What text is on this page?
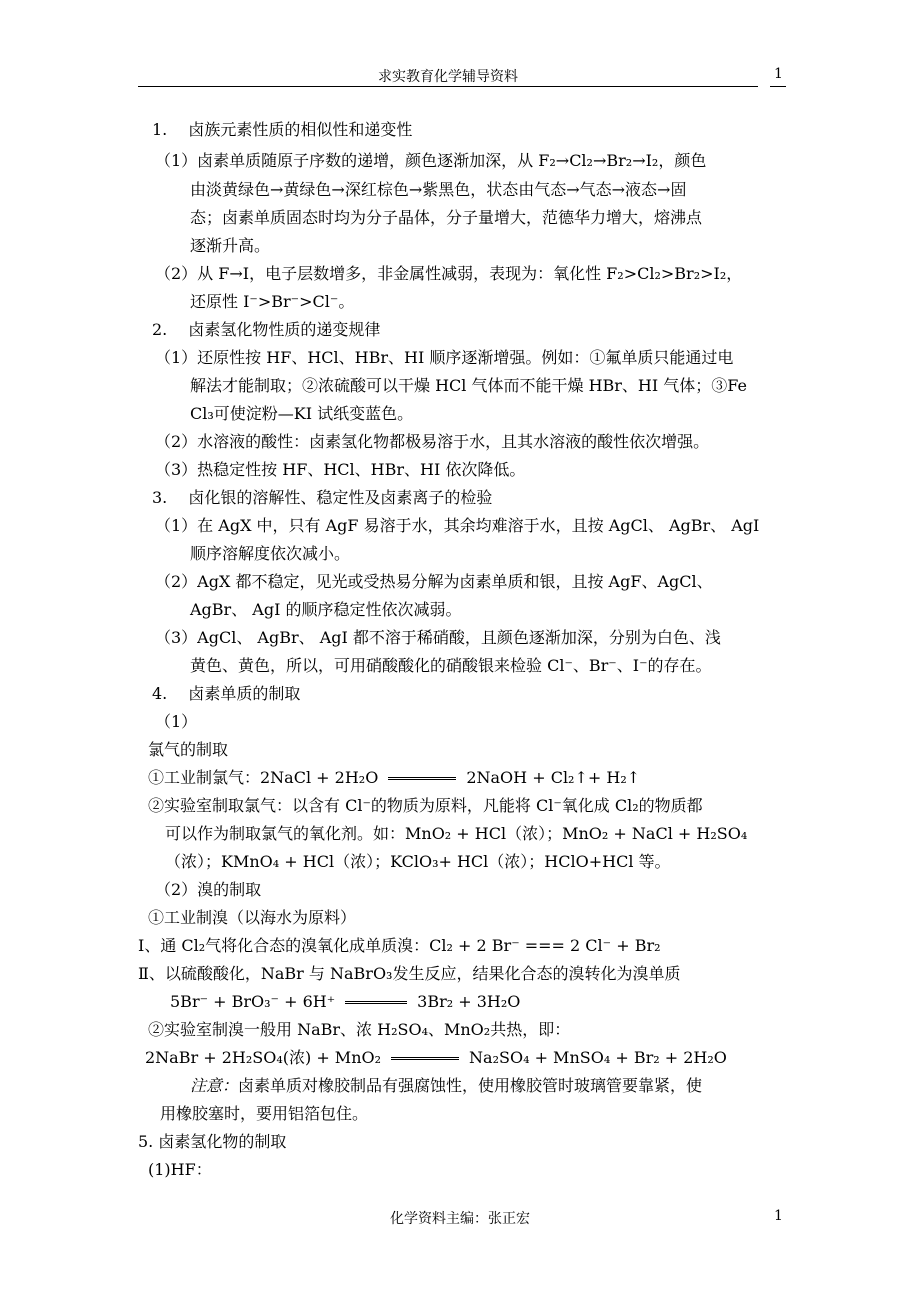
求实教育化学辅导资料	1
1.　 卤族元素性质的相似性和递变性
（1）卤素单质随原子序数的递增，颜色逐渐加深，从 F₂→Cl₂→Br₂→I₂，颜色
由淡黄绿色→黄绿色→深红棕色→紫黑色，状态由气态→气态→液态→固
态；卤素单质固态时均为分子晶体，分子量增大，范德华力增大，熔沸点
逐渐升高。
（2）从 F→I，电子层数增多，非金属性减弱，表现为：氧化性 F₂>Cl₂>Br₂>I₂，
还原性 I⁻>Br⁻>Cl⁻。
2.　 卤素氢化物性质的递变规律
（1）还原性按 HF、HCl、HBr、HI 顺序逐渐增强。例如：①氟单质只能通过电
解法才能制取；②浓硫酸可以干燥 HCl 气体而不能干燥 HBr、HI 气体；③Fe
Cl₃可使淀粉—KI 试纸变蓝色。
（2）水溶液的酸性：卤素氢化物都极易溶于水，且其水溶液的酸性依次增强。
（3）热稳定性按 HF、HCl、HBr、HI 依次降低。
3.　 卤化银的溶解性、稳定性及卤素离子的检验
（1）在 AgX 中，只有 AgF 易溶于水，其余均难溶于水，且按 AgCl、 AgBr、 AgI
顺序溶解度依次减小。
（2）AgX 都不稳定，见光或受热易分解为卤素单质和银，且按 AgF、AgCl、
AgBr、 AgI 的顺序稳定性依次减弱。
（3）AgCl、 AgBr、 AgI 都不溶于稀硝酸，且颜色逐渐加深，分别为白色、浅
黄色、黄色，所以，可用硝酸酸化的硝酸银来检验 Cl⁻、Br⁻、I⁻的存在。
4.　 卤素单质的制取
（1）
氯气的制取
①工业制氯气：2NaCl + 2H₂O	2NaOH + Cl₂↑+ H₂↑
②实验室制取氯气：以含有 Cl⁻的物质为原料，凡能将 Cl⁻氧化成 Cl₂的物质都
可以作为制取氯气的氧化剂。如：MnO₂ + HCl（浓）；MnO₂ + NaCl + H₂SO₄
（浓）；KMnO₄ + HCl（浓）；KClO₃+ HCl（浓）；HClO+HCl 等。
（2）溴的制取
①工业制溴（以海水为原料）
Ⅰ、通 Cl₂气将化合态的溴氧化成单质溴：Cl₂ + 2 Br⁻ === 2 Cl⁻ + Br₂
Ⅱ、以硫酸酸化，NaBr 与 NaBrO₃发生反应，结果化合态的溴转化为溴单质
5Br⁻ + BrO₃⁻ + 6H⁺	3Br₂ + 3H₂O
②实验室制溴一般用 NaBr、浓 H₂SO₄、MnO₂共热，即：
2NaBr + 2H₂SO₄(浓) + MnO₂	Na₂SO₄ + MnSO₄ + Br₂ + 2H₂O
注意：卤素单质对橡胶制品有强腐蚀性，使用橡胶管时玻璃管要靠紧，使
用橡胶塞时，要用铝箔包住。
5. 卤素氢化物的制取
(1)HF：
化学资料主编：张正宏	1
